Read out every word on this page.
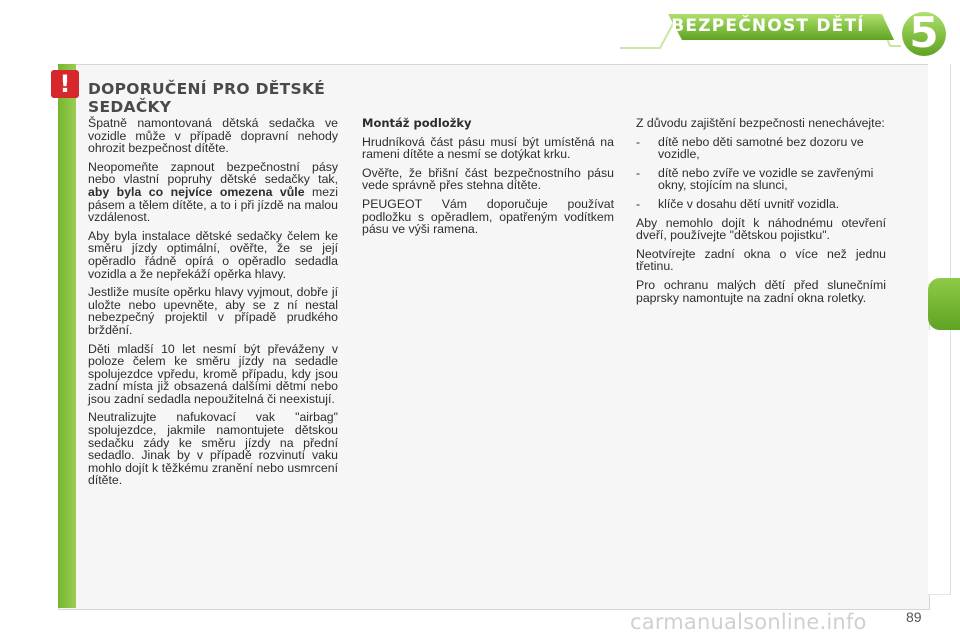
BEZPEČNOST DĚTÍ	5
!	DOPORUČENÍ PRO DĚTSKÉ SEDAČKY

Špatně namontovaná dětská sedačka ve vozidle může v případě dopravní nehody ohrozit bezpečnost dítěte.

Neopomeňte zapnout bezpečnostní pásy nebo vlastní popruhy dětské sedačky tak, aby byla co nejvíce omezena vůle mezi pásem a tělem dítěte, a to i při jízdě na malou vzdálenost.

Aby byla instalace dětské sedačky čelem ke směru jízdy optimální, ověřte, že se její opěradlo řádně opírá o opěradlo sedadla vozidla a že nepřekáží opěrka hlavy.

Jestliže musíte opěrku hlavy vyjmout, dobře jí uložte nebo upevněte, aby se z ní nestal nebezpečný projektil v případě prudkého brždění.

Děti mladší 10 let nesmí být převáženy v poloze čelem ke směru jízdy na sedadle spolujezdce vpředu, kromě případu, kdy jsou zadní místa již obsazená dalšími dětmi nebo jsou zadní sedadla nepoužitelná či neexistují.

Neutralizujte nafukovací vak "airbag" spolujezdce, jakmile namontujete dětskou sedačku zády ke směru jízdy na přední sedadlo. Jinak by v případě rozvinutí vaku mohlo dojít k těžkému zranění nebo usmrcení dítěte.

Montáž podložky

Hrudníková část pásu musí být umístěná na rameni dítěte a nesmí se dotýkat krku.

Ověřte, že břišní část bezpečnostního pásu vede správně přes stehna dítěte.

PEUGEOT Vám doporučuje používat podložku s opěradlem, opatřeným vodítkem pásu ve výši ramena.

Z důvodu zajištění bezpečnosti nenechávejte:

-	dítě nebo děti samotné bez dozoru ve vozidle,
-	dítě nebo zvíře ve vozidle se zavřenými okny, stojícím na slunci,
-	klíče v dosahu dětí uvnitř vozidla.

Aby nemohlo dojít k náhodnému otevření dveří, používejte "dětskou pojistku".

Neotvírejte zadní okna o více než jednu třetinu.

Pro ochranu malých dětí před slunečními paprsky namontujte na zadní okna roletky.

89
carmanualsonline.info
